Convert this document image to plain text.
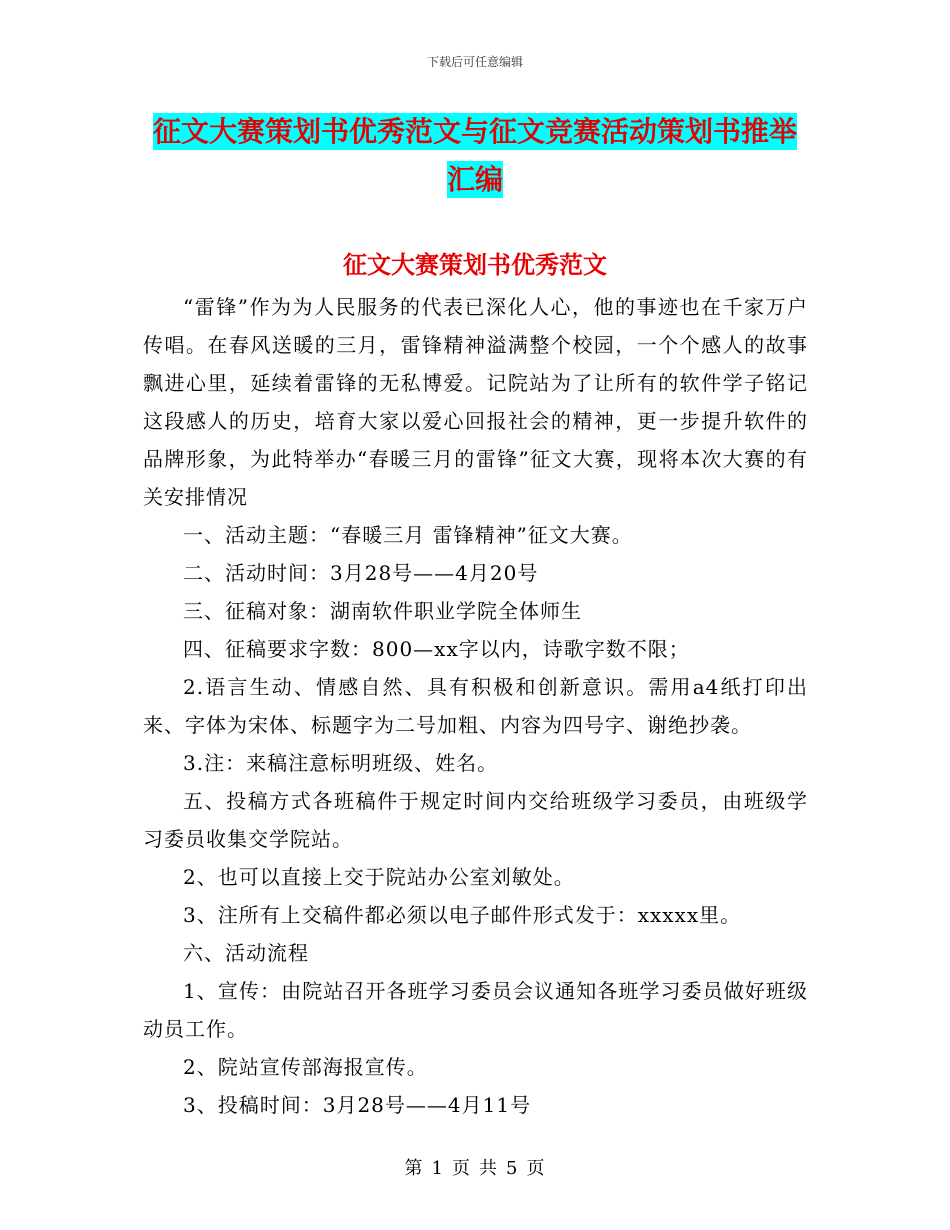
下载后可任意编辑
征文大赛策划书优秀范文与征文竞赛活动策划书推举
汇编
征文大赛策划书优秀范文

“雷锋”作为为人民服务的代表已深化人心，他的事迹也在千家万户传唱。在春风送暖的三月，雷锋精神溢满整个校园，一个个感人的故事飘进心里，延续着雷锋的无私博爱。记院站为了让所有的软件学子铭记这段感人的历史，培育大家以爱心回报社会的精神，更一步提升软件的品牌形象，为此特举办“春暖三月的雷锋”征文大赛，现将本次大赛的有关安排情况

一、活动主题：“春暖三月 雷锋精神”征文大赛。

二、活动时间：3月28号——4月20号

三、征稿对象：湖南软件职业学院全体师生

四、征稿要求字数：800—xx字以内，诗歌字数不限；

2.语言生动、情感自然、具有积极和创新意识。需用a4纸打印出来、字体为宋体、标题字为二号加粗、内容为四号字、谢绝抄袭。

3.注：来稿注意标明班级、姓名。

五、投稿方式各班稿件于规定时间内交给班级学习委员，由班级学习委员收集交学院站。

2、也可以直接上交于院站办公室刘敏处。

3、注所有上交稿件都必须以电子邮件形式发于：xxxxx里。

六、活动流程

1、宣传：由院站召开各班学习委员会议通知各班学习委员做好班级动员工作。

2、院站宣传部海报宣传。

3、投稿时间：3月28号——4月11号

第 1 页 共 5 页
